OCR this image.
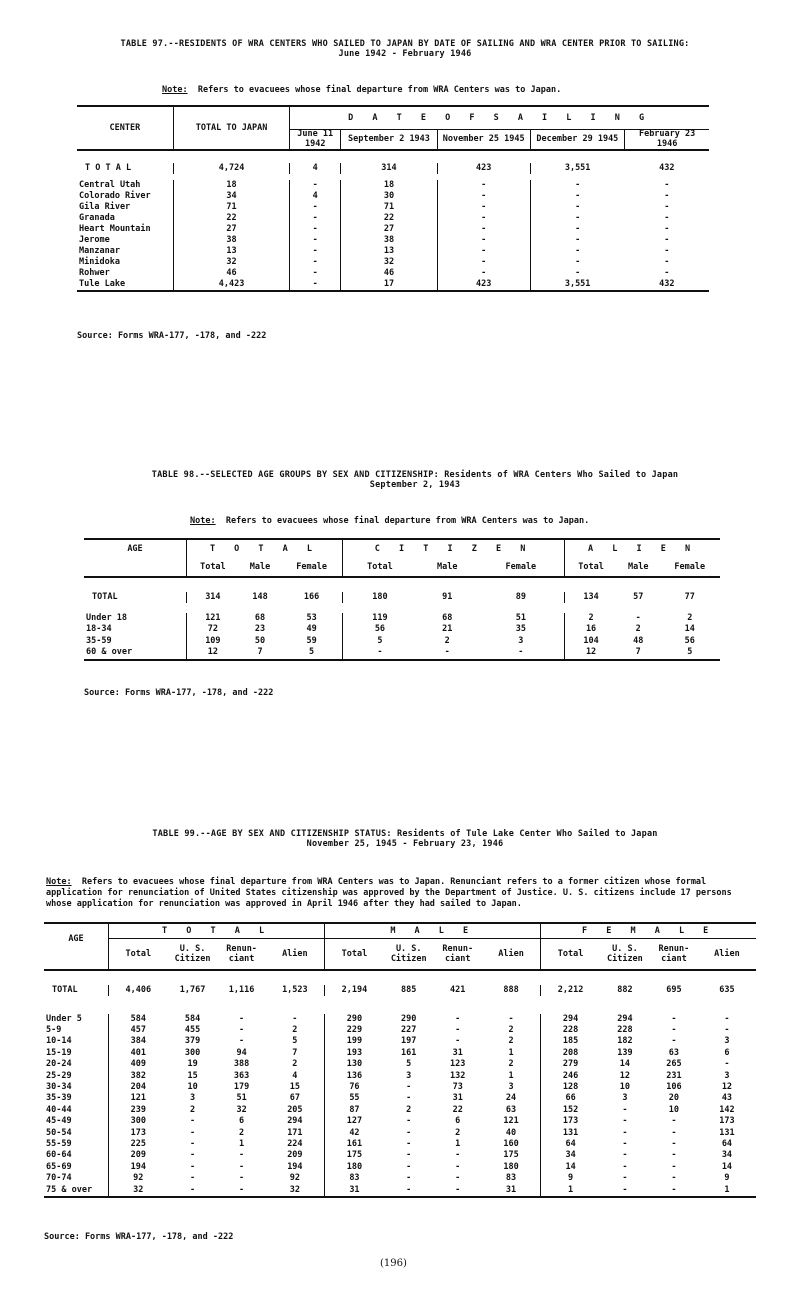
TABLE 97.--RESIDENTS OF WRA CENTERS WHO SAILED TO JAPAN BY DATE OF SAILING AND WRA CENTER PRIOR TO SAILING:
June 1942 - February 1946
Note: Refers to evacuees whose final departure from WRA Centers was to Japan.
CENTER	TOTAL TO JAPAN	D A T E O F S A I L I N G				
		June 11 1942	September 2 1943	November 25 1945	December 29 1945	February 23 1946

T O T A L	4,724	4	314	423	3,551	432

Central Utah	18	-	18	-	-	-
Colorado River	34	4	30	-	-	-
Gila River	71	-	71	-	-	-
Granada	22	-	22	-	-	-
Heart Mountain	27	-	27	-	-	-
Jerome	38	-	38	-	-	-
Manzanar	13	-	13	-	-	-
Minidoka	32	-	32	-	-	-
Rohwer	46	-	46	-	-	-
Tule Lake	4,423	-	17	423	3,551	432
Source: Forms WRA-177, -178, and -222
TABLE 98.--SELECTED AGE GROUPS BY SEX AND CITIZENSHIP: Residents of WRA Centers Who Sailed to Japan
September 2, 1943
Note: Refers to evacuees whose final departure from WRA Centers was to Japan.
AGE	T O T A L			C I T I Z E N			A L I E N		
	Total	Male	Female	Total	Male	Female	Total	Male	Female

TOTAL	314	148	166	180	91	89	134	57	77

Under 18	121	68	53	119	68	51	2	-	2
18-34	72	23	49	56	21	35	16	2	14
35-59	109	50	59	5	2	3	104	48	56
60 & over	12	7	5	-	-	-	12	7	5
Source: Forms WRA-177, -178, and -222
TABLE 99.--AGE BY SEX AND CITIZENSHIP STATUS: Residents of Tule Lake Center Who Sailed to Japan
November 25, 1945 - February 23, 1946
Note: Refers to evacuees whose final departure from WRA Centers was to Japan. Renunciant refers to a former citizen whose formal application for renunciation of United States citizenship was approved by the Department of Justice. U. S. citizens include 17 persons whose application for renunciation was approved in April 1946 after they had sailed to Japan.
AGE	T O T A L				M A L E				F E M A L E			
	Total	U. S. Citizen	Renun-ciant	Alien	Total	U. S. Citizen	Renun-ciant	Alien	Total	U. S. Citizen	Renun-ciant	Alien

TOTAL	4,406	1,767	1,116	1,523	2,194	885	421	888	2,212	882	695	635

Under 5	584	584	-	-	290	290	-	-	294	294	-	-
5-9	457	455	-	2	229	227	-	2	228	228	-	-
10-14	384	379	-	5	199	197	-	2	185	182	-	3
15-19	401	300	94	7	193	161	31	1	208	139	63	6
20-24	409	19	388	2	130	5	123	2	279	14	265	-
25-29	382	15	363	4	136	3	132	1	246	12	231	3
30-34	204	10	179	15	76	-	73	3	128	10	106	12
35-39	121	3	51	67	55	-	31	24	66	3	20	43
40-44	239	2	32	205	87	2	22	63	152	-	10	142
45-49	300	-	6	294	127	-	6	121	173	-	-	173
50-54	173	-	2	171	42	-	2	40	131	-	-	131
55-59	225	-	1	224	161	-	1	160	64	-	-	64
60-64	209	-	-	209	175	-	-	175	34	-	-	34
65-69	194	-	-	194	180	-	-	180	14	-	-	14
70-74	92	-	-	92	83	-	-	83	9	-	-	9
75 & over	32	-	-	32	31	-	-	31	1	-	-	1
Source: Forms WRA-177, -178, and -222
(196)
